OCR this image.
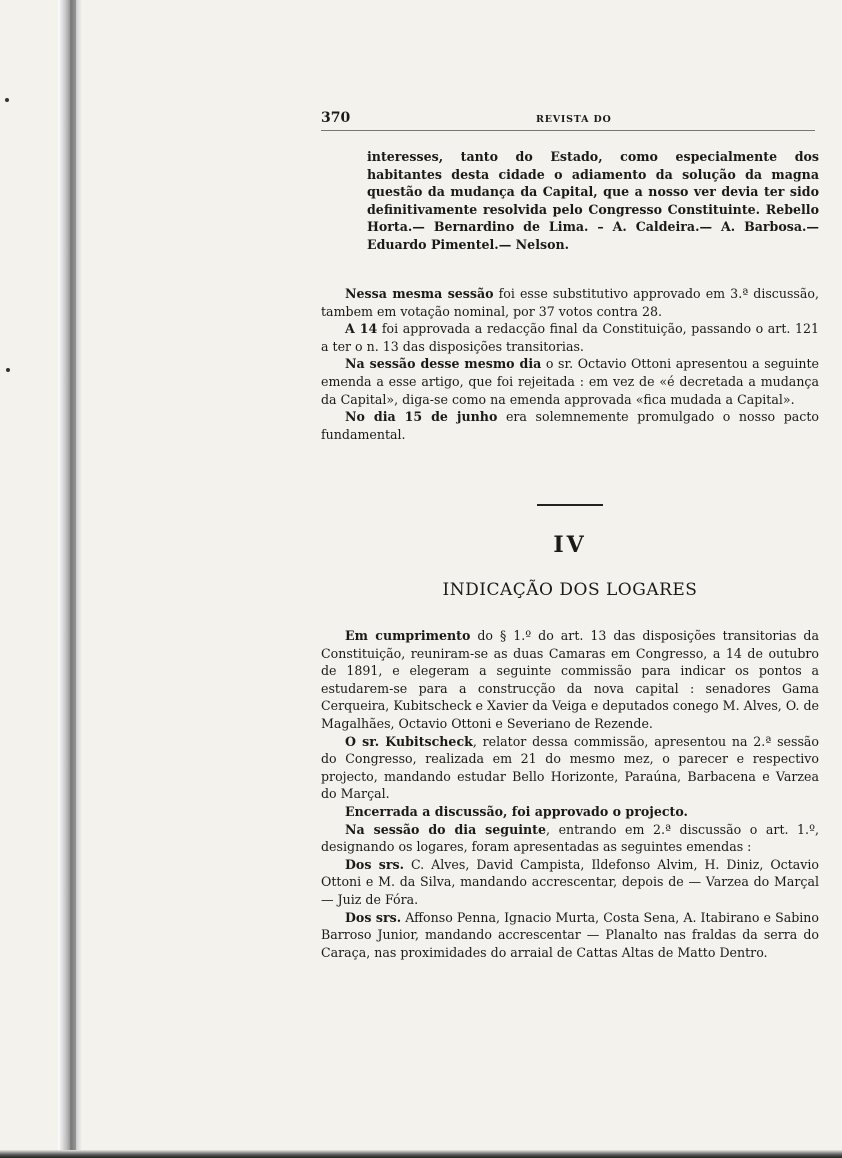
370	REVISTA DO
interesses, tanto do Estado, como especialmente dos habitantes desta cidade o adiamento da solução da magna questão da mudança da Capital, que a nosso ver devia ter sido definitivamente resolvida pelo Congresso Constituinte. Rebello Horta.— Bernardino de Lima. – A. Caldeira.— A. Barbosa.— Eduardo Pimentel.— Nelson.

Nessa mesma sessão foi esse substitutivo approvado em 3.ª discussão, tambem em votação nominal, por 37 votos contra 28.

A 14 foi approvada a redacção final da Constituição, passando o art. 121 a ter o n. 13 das disposições transitorias.

Na sessão desse mesmo dia o sr. Octavio Ottoni apresentou a seguinte emenda a esse artigo, que foi rejeitada : em vez de «é decretada a mudança da Capital», diga-se como na emenda approvada «fica mudada a Capital».

No dia 15 de junho era solemnemente promulgado o nosso pacto fundamental.

IV
INDICAÇÃO DOS LOGARES

Em cumprimento do § 1.º do art. 13 das disposições transitorias da Constituição, reuniram-se as duas Camaras em Congresso, a 14 de outubro de 1891, e elegeram a seguinte commissão para indicar os pontos a estudarem-se para a construcção da nova capital : senadores Gama Cerqueira, Kubitscheck e Xavier da Veiga e deputados conego M. Alves, O. de Magalhães, Octavio Ottoni e Severiano de Rezende.

O sr. Kubitscheck, relator dessa commissão, apresentou na 2.ª sessão do Congresso, realizada em 21 do mesmo mez, o parecer e respectivo projecto, mandando estudar Bello Horizonte, Paraúna, Barbacena e Varzea do Marçal.

Encerrada a discussão, foi approvado o projecto.

Na sessão do dia seguinte, entrando em 2.ª discussão o art. 1.º, designando os logares, foram apresentadas as seguintes emendas :

Dos srs. C. Alves, David Campista, Ildefonso Alvim, H. Diniz, Octavio Ottoni e M. da Silva, mandando accrescentar, depois de — Varzea do Marçal — Juiz de Fóra.

Dos srs. Affonso Penna, Ignacio Murta, Costa Sena, A. Itabirano e Sabino Barroso Junior, mandando accrescentar — Planalto nas fraldas da serra do Caraça, nas proximidades do arraial de Cattas Altas de Matto Dentro.
